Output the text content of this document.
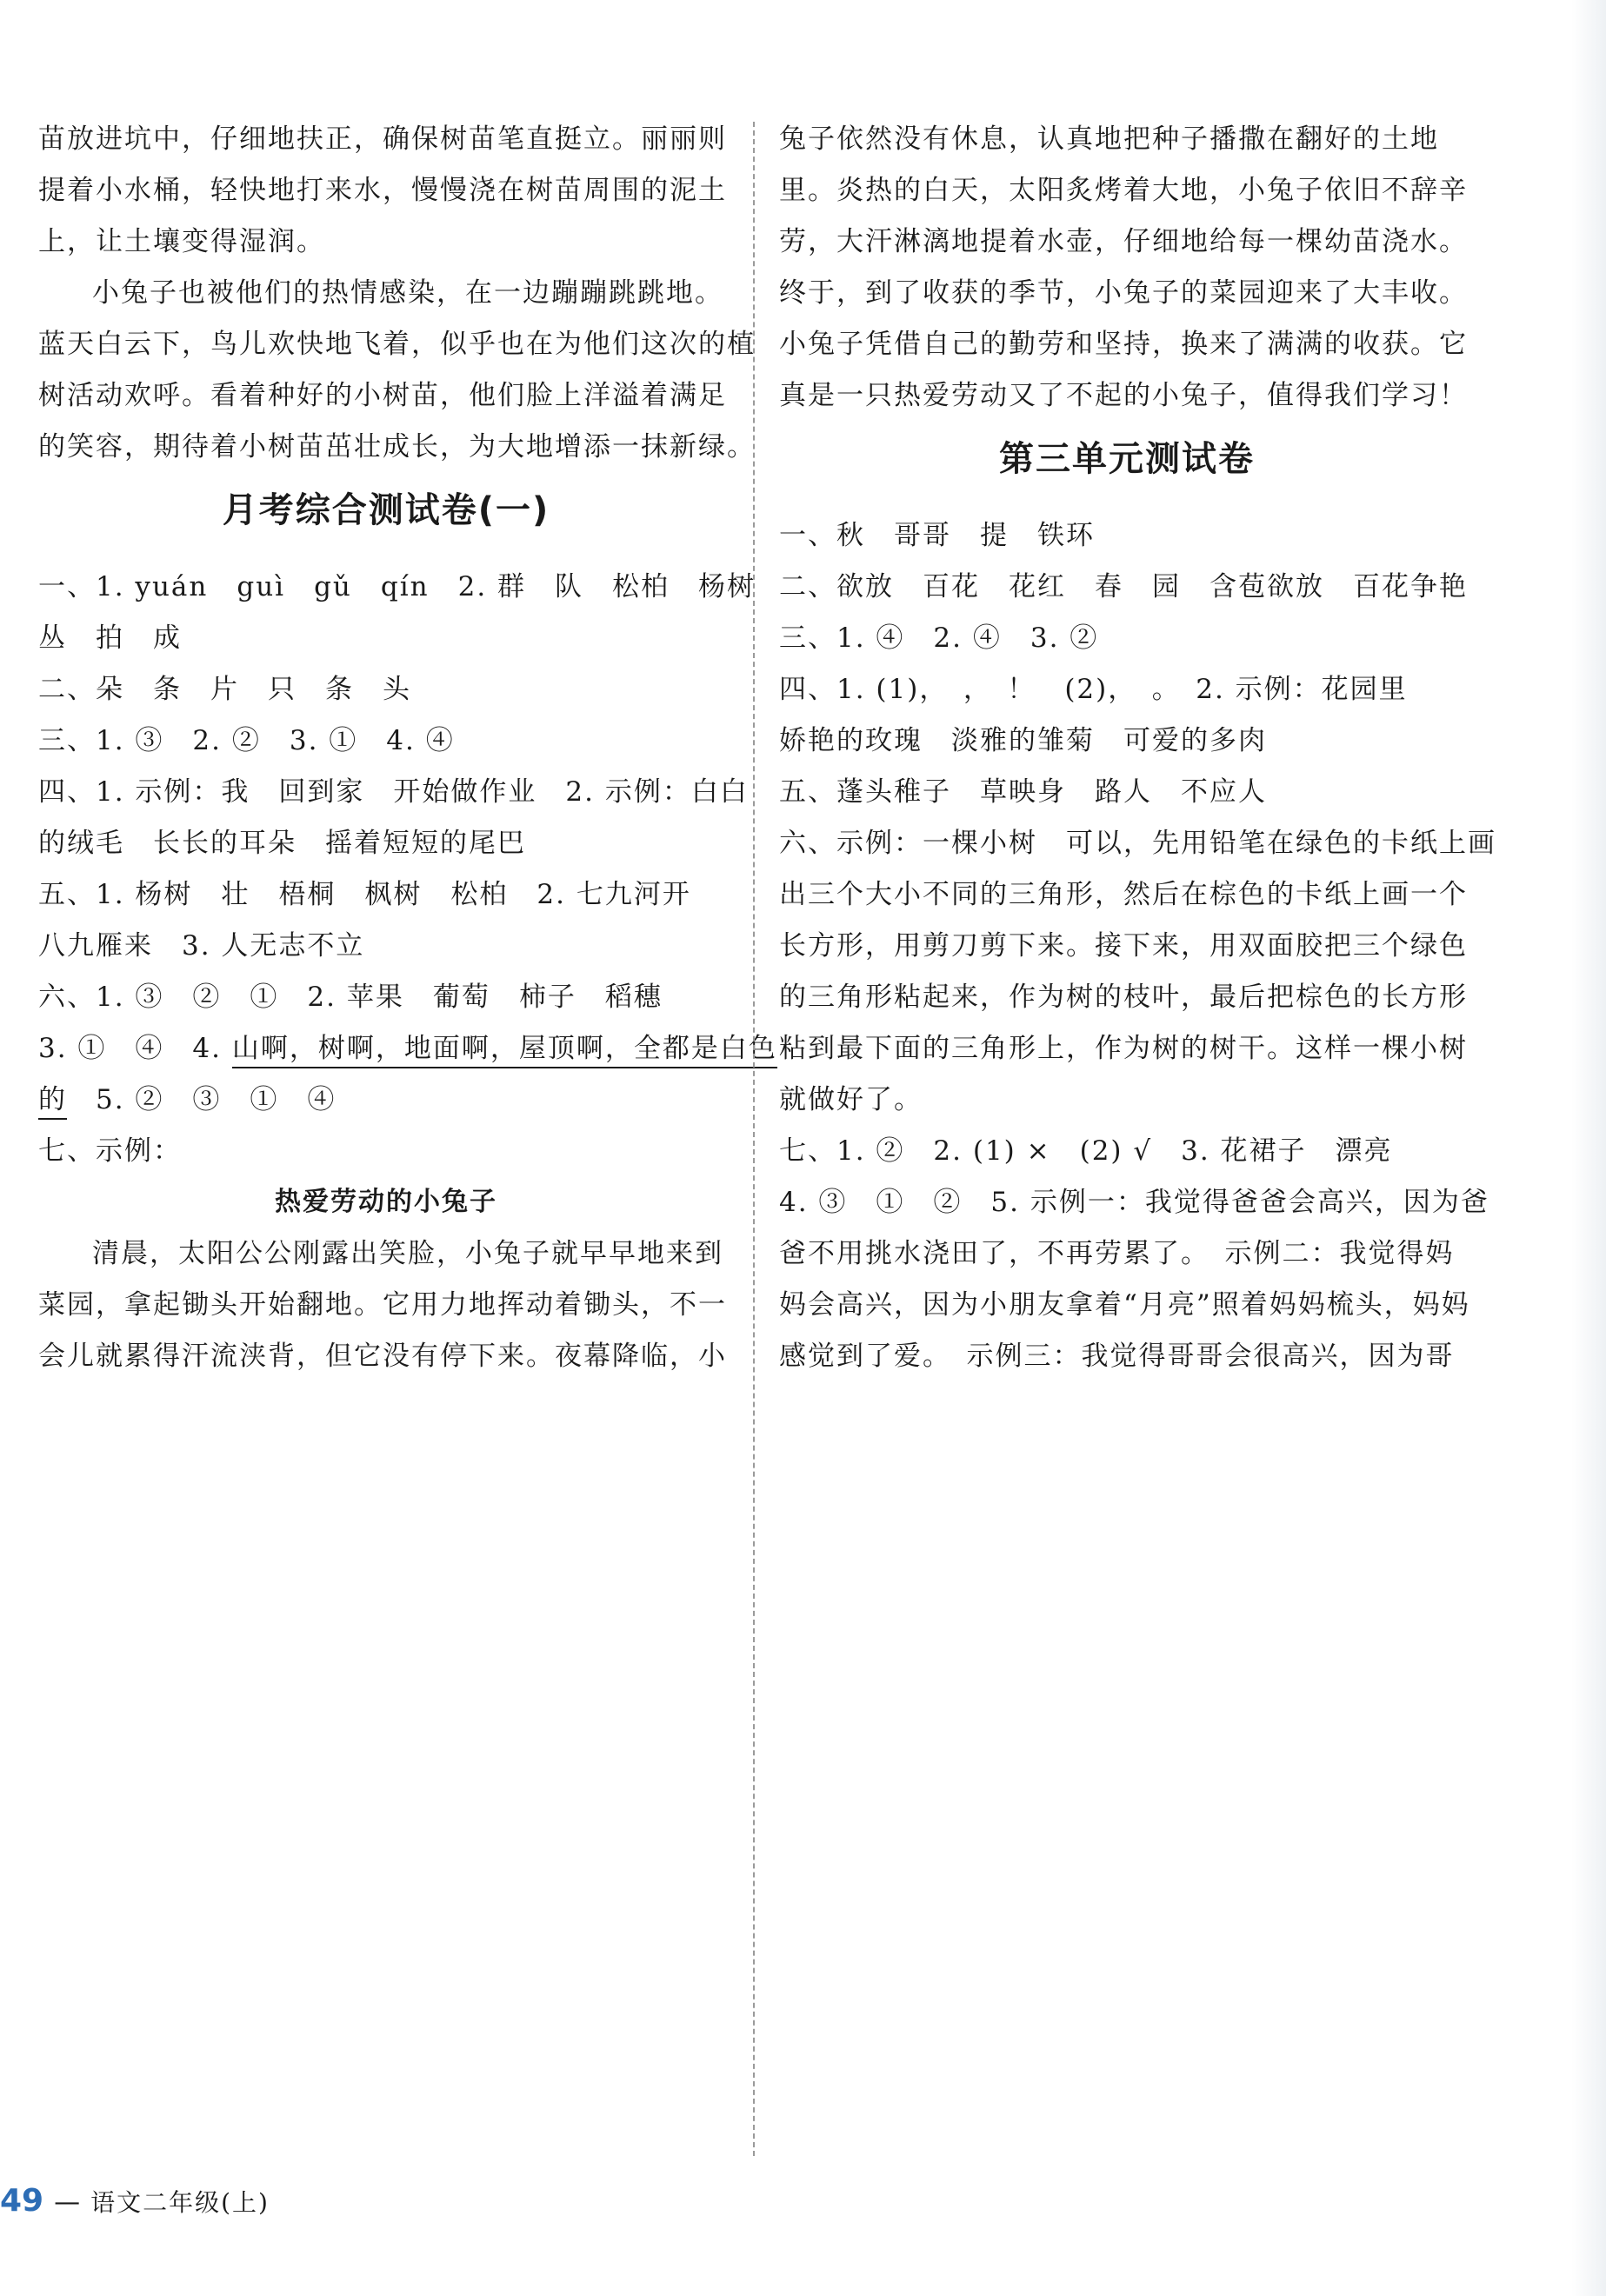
苗放进坑中，仔细地扶正，确保树苗笔直挺立。丽丽则
提着小水桶，轻快地打来水，慢慢浇在树苗周围的泥土
上，让土壤变得湿润。
小兔子也被他们的热情感染，在一边蹦蹦跳跳地。
蓝天白云下，鸟儿欢快地飞着，似乎也在为他们这次的植
树活动欢呼。看着种好的小树苗，他们脸上洋溢着满足
的笑容，期待着小树苗茁壮成长，为大地增添一抹新绿。
月考综合测试卷(一)
一、1. yuán　guì　gǔ　qín　2. 群　队　松柏　杨树
丛　拍　成
二、朵　条　片　只　条　头
三、1. ③　2. ②　3. ①　4. ④
四、1. 示例：我　回到家　开始做作业　2. 示例：白白
的绒毛　长长的耳朵　摇着短短的尾巴
五、1. 杨树　壮　梧桐　枫树　松柏　2. 七九河开
八九雁来　3. 人无志不立
六、1. ③　②　①　2. 苹果　葡萄　柿子　稻穗
3. ①　④　4. 山啊，树啊，地面啊，屋顶啊，全都是白色
的　5. ②　③　①　④
七、示例：
热爱劳动的小兔子
清晨，太阳公公刚露出笑脸，小兔子就早早地来到
菜园，拿起锄头开始翻地。它用力地挥动着锄头，不一
会儿就累得汗流浃背，但它没有停下来。夜幕降临，小
兔子依然没有休息，认真地把种子播撒在翻好的土地
里。炎热的白天，太阳炙烤着大地，小兔子依旧不辞辛
劳，大汗淋漓地提着水壶，仔细地给每一棵幼苗浇水。
终于，到了收获的季节，小兔子的菜园迎来了大丰收。
小兔子凭借自己的勤劳和坚持，换来了满满的收获。它
真是一只热爱劳动又了不起的小兔子，值得我们学习！
第三单元测试卷
一、秋　哥哥　提　铁环
二、欲放　百花　花红　春　园　含苞欲放　百花争艳
三、1. ④　2. ④　3. ②
四、1. (1)，　，　！　(2)，　。　2. 示例：花园里
娇艳的玫瑰　淡雅的雏菊　可爱的多肉
五、蓬头稚子　草映身　路人　不应人
六、示例：一棵小树　可以，先用铅笔在绿色的卡纸上画
出三个大小不同的三角形，然后在棕色的卡纸上画一个
长方形，用剪刀剪下来。接下来，用双面胶把三个绿色
的三角形粘起来，作为树的枝叶，最后把棕色的长方形
粘到最下面的三角形上，作为树的树干。这样一棵小树
就做好了。
七、1. ②　2. (1) ×　(2) √　3. 花裙子　漂亮
4. ③　①　②　5. 示例一：我觉得爸爸会高兴，因为爸
爸不用挑水浇田了，不再劳累了。　示例二：我觉得妈
妈会高兴，因为小朋友拿着“月亮”照着妈妈梳头，妈妈
感觉到了爱。　示例三：我觉得哥哥会很高兴，因为哥
49 — 语文二年级(上)
